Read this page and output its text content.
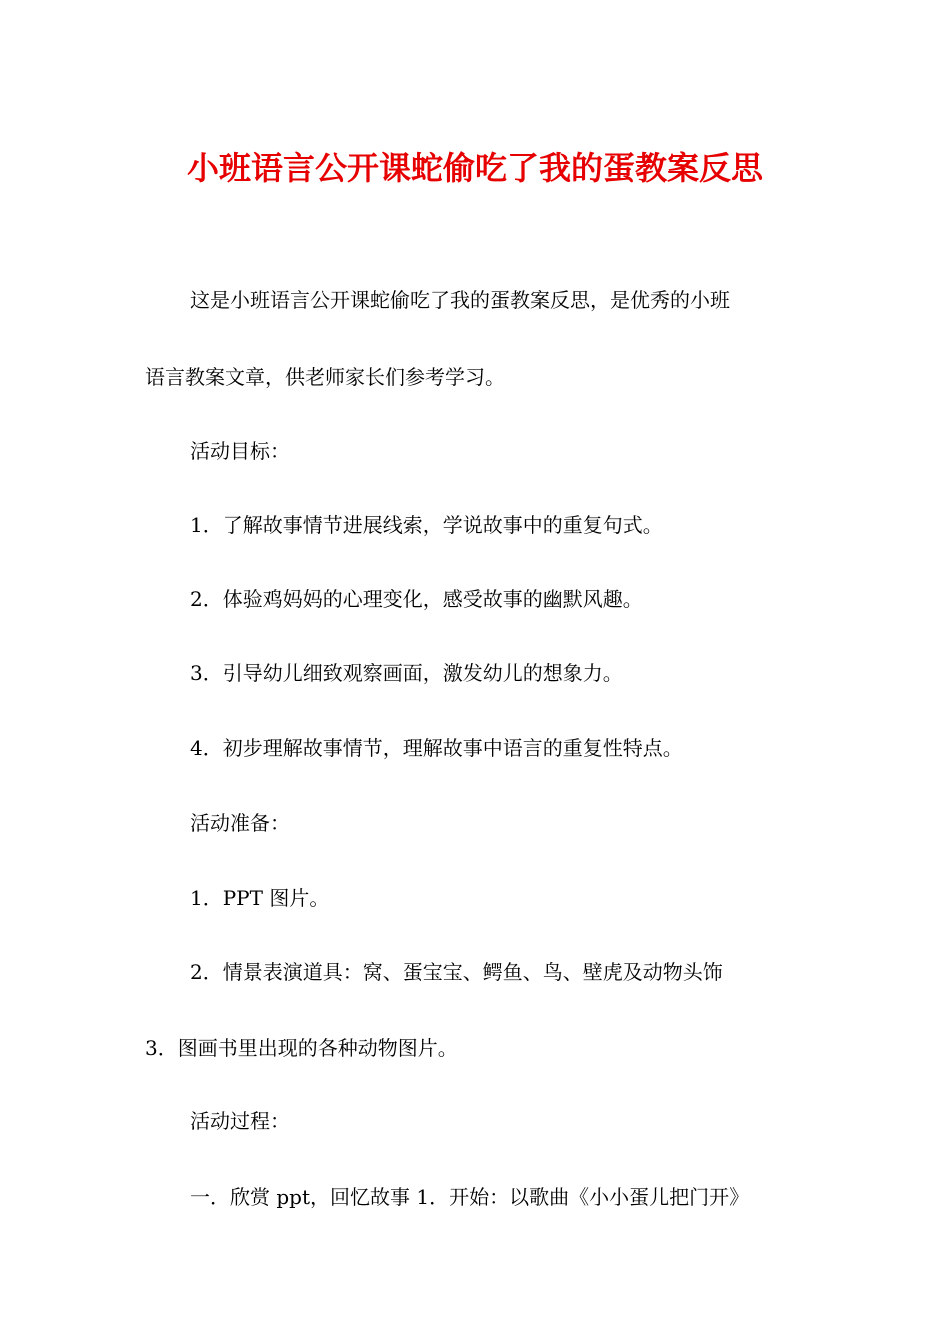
小班语言公开课蛇偷吃了我的蛋教案反思
这是小班语言公开课蛇偷吃了我的蛋教案反思，是优秀的小班
语言教案文章，供老师家长们参考学习。
活动目标：
1．了解故事情节进展线索，学说故事中的重复句式。
2．体验鸡妈妈的心理变化，感受故事的幽默风趣。
3．引导幼儿细致观察画面，激发幼儿的想象力。
4．初步理解故事情节，理解故事中语言的重复性特点。
活动准备：
1．PPT 图片。
2．情景表演道具：窝、蛋宝宝、鳄鱼、鸟、壁虎及动物头饰
3．图画书里出现的各种动物图片。
活动过程：
一．欣赏 ppt，回忆故事 1．开始：以歌曲《小小蛋儿把门开》
